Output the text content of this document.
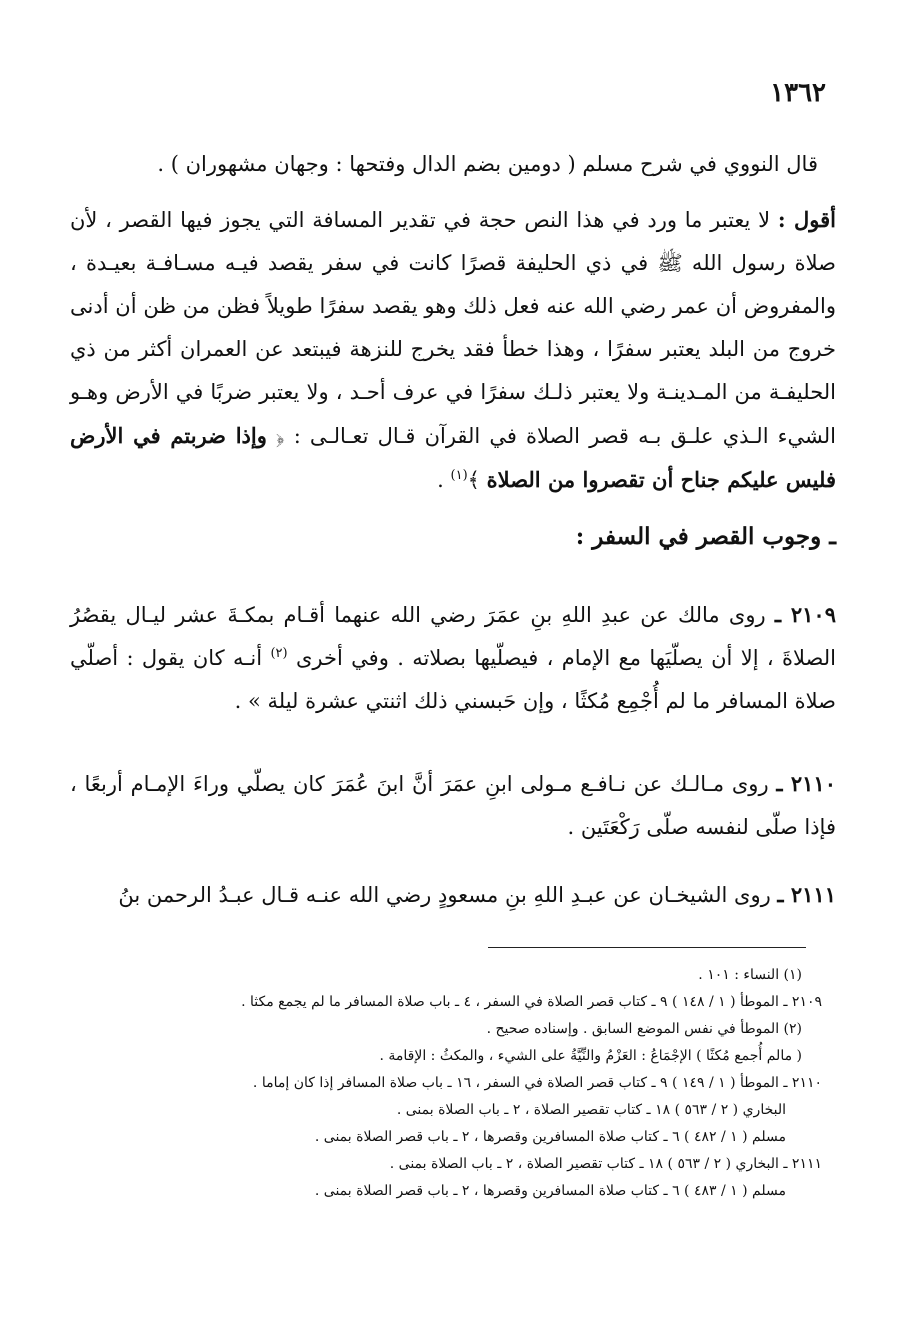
١٣٦٢

قال النووي في شرح مسلم ( دومين بضم الدال وفتحها : وجهان مشهوران ) .

أقول : لا يعتبر ما ورد في هذا النص حجة في تقدير المسافة التي يجوز فيها القصر ، لأن صلاة رسول الله ﷺ في ذي الحليفة قصرًا كانت في سفر يقصد فيـه مسـافـة بعيـدة ، والمفروض أن عمر رضي الله عنه فعل ذلك وهو يقصد سفرًا طويلاً فظن من ظن أن أدنى خروج من البلد يعتبر سفرًا ، وهذا خطأ فقد يخرج للنزهة فيبتعد عن العمران أكثر من ذي الحليفـة من المـدينـة ولا يعتبر ذلـك سفرًا في عرف أحـد ، ولا يعتبر ضربًا في الأرض وهـو الشيء الـذي علـق بـه قصر الصلاة في القرآن قـال تعـالـى : ﴿ وإذا ضربتم في الأرض فليس عليكم جناح أن تقصروا من الصلاة ﴾$^{(١)}$ .

ـ وجوب القصر في السفر :

٢١٠٩ ـ روى مالك عن عبدِ اللهِ بنِ عمَرَ رضي الله عنهما أقـام بمكـةَ عشر ليـال يقصُرُ الصلاةَ ، إلا أن يصلّيَها مع الإمام ، فيصلّيها بصلاته . وفي أخرى $^{(٢)}$ أنـه كان يقول : أصلّي صلاة المسافر ما لم أُجْمِع مُكثًا ، وإن حَبسني ذلك اثنتي عشرة ليلة » .

٢١١٠ ـ روى مـالـك عن نـافـع مـولى ابنِ عمَرَ أنَّ ابنَ عُمَرَ كان يصلّي وراءَ الإمـام أربعًا ، فإذا صلّى لنفسه صلّى رَكْعَتَين .

٢١١١ ـ روى الشيخـان عن عبـدِ اللهِ بنِ مسعودٍ رضي الله عنـه قـال عبـدُ الرحمن بنُ

(١) النساء : ١٠١ .
٢١٠٩ ـ الموطأ ( ١ / ١٤٨ ) ٩ ـ كتاب قصر الصلاة في السفر ، ٤ ـ باب صلاة المسافر ما لم يجمع مكثا .
(٢) الموطأ في نفس الموضع السابق . وإسناده صحيح .
( مالم أُجمع مُكثًا ) الإجْمَاعُ : العَزْمُ والنِّيَّةُ على الشيء ، والمكثُ : الإقامة .
٢١١٠ ـ الموطأ ( ١ / ١٤٩ ) ٩ ـ كتاب قصر الصلاة في السفر ، ١٦ ـ باب صلاة المسافر إذا كان إماما .
البخاري ( ٢ / ٥٦٣ ) ١٨ ـ كتاب تقصير الصلاة ، ٢ ـ باب الصلاة بمنى .
مسلم ( ١ / ٤٨٢ ) ٦ ـ كتاب صلاة المسافرين وقصرها ، ٢ ـ باب قصر الصلاة بمنى .
٢١١١ ـ البخاري ( ٢ / ٥٦٣ ) ١٨ ـ كتاب تقصير الصلاة ، ٢ ـ باب الصلاة بمنى .
مسلم ( ١ / ٤٨٣ ) ٦ ـ كتاب صلاة المسافرين وقصرها ، ٢ ـ باب قصر الصلاة بمنى .
